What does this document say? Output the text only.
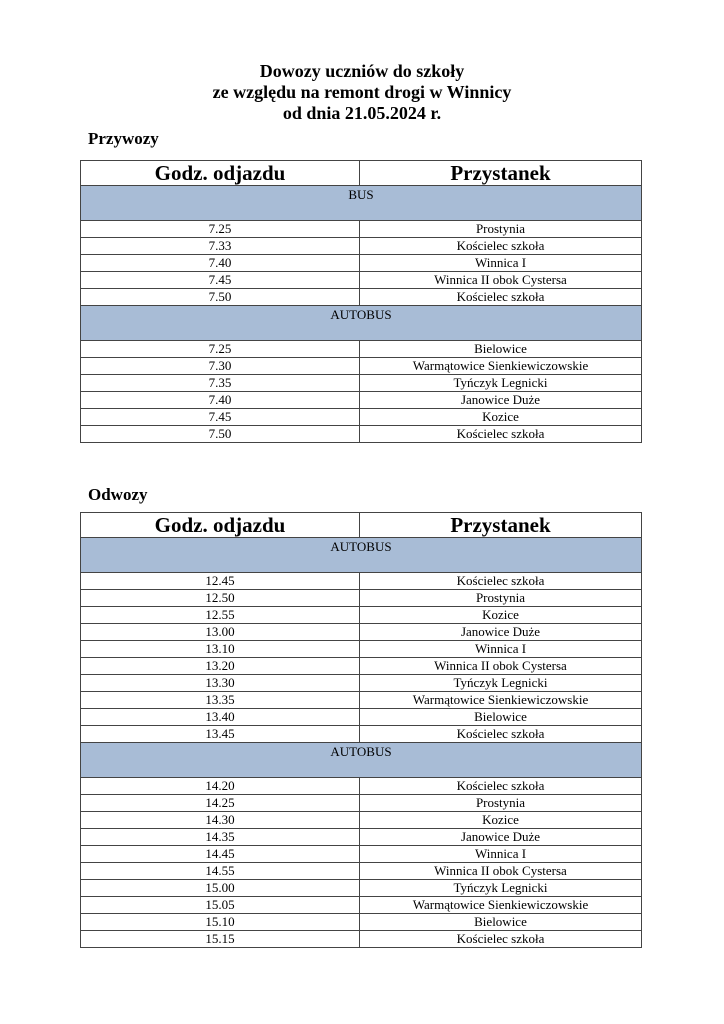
Dowozy uczniów do szkoły
ze względu na remont drogi w Winnicy
od dnia 21.05.2024 r.
Przywozy
Godz. odjazdu	Przystanek
BUS	
7.25	Prostynia
7.33	Kościelec szkoła
7.40	Winnica I
7.45	Winnica II obok Cystersa
7.50	Kościelec szkoła
AUTOBUS	
7.25	Bielowice
7.30	Warmątowice Sienkiewiczowskie
7.35	Tyńczyk Legnicki
7.40	Janowice Duże
7.45	Kozice
7.50	Kościelec szkoła
Odwozy
Godz. odjazdu	Przystanek
AUTOBUS	
12.45	Kościelec szkoła
12.50	Prostynia
12.55	Kozice
13.00	Janowice Duże
13.10	Winnica I
13.20	Winnica II obok Cystersa
13.30	Tyńczyk Legnicki
13.35	Warmątowice Sienkiewiczowskie
13.40	Bielowice
13.45	Kościelec szkoła
AUTOBUS	
14.20	Kościelec szkoła
14.25	Prostynia
14.30	Kozice
14.35	Janowice Duże
14.45	Winnica I
14.55	Winnica II obok Cystersa
15.00	Tyńczyk Legnicki
15.05	Warmątowice Sienkiewiczowskie
15.10	Bielowice
15.15	Kościelec szkoła
